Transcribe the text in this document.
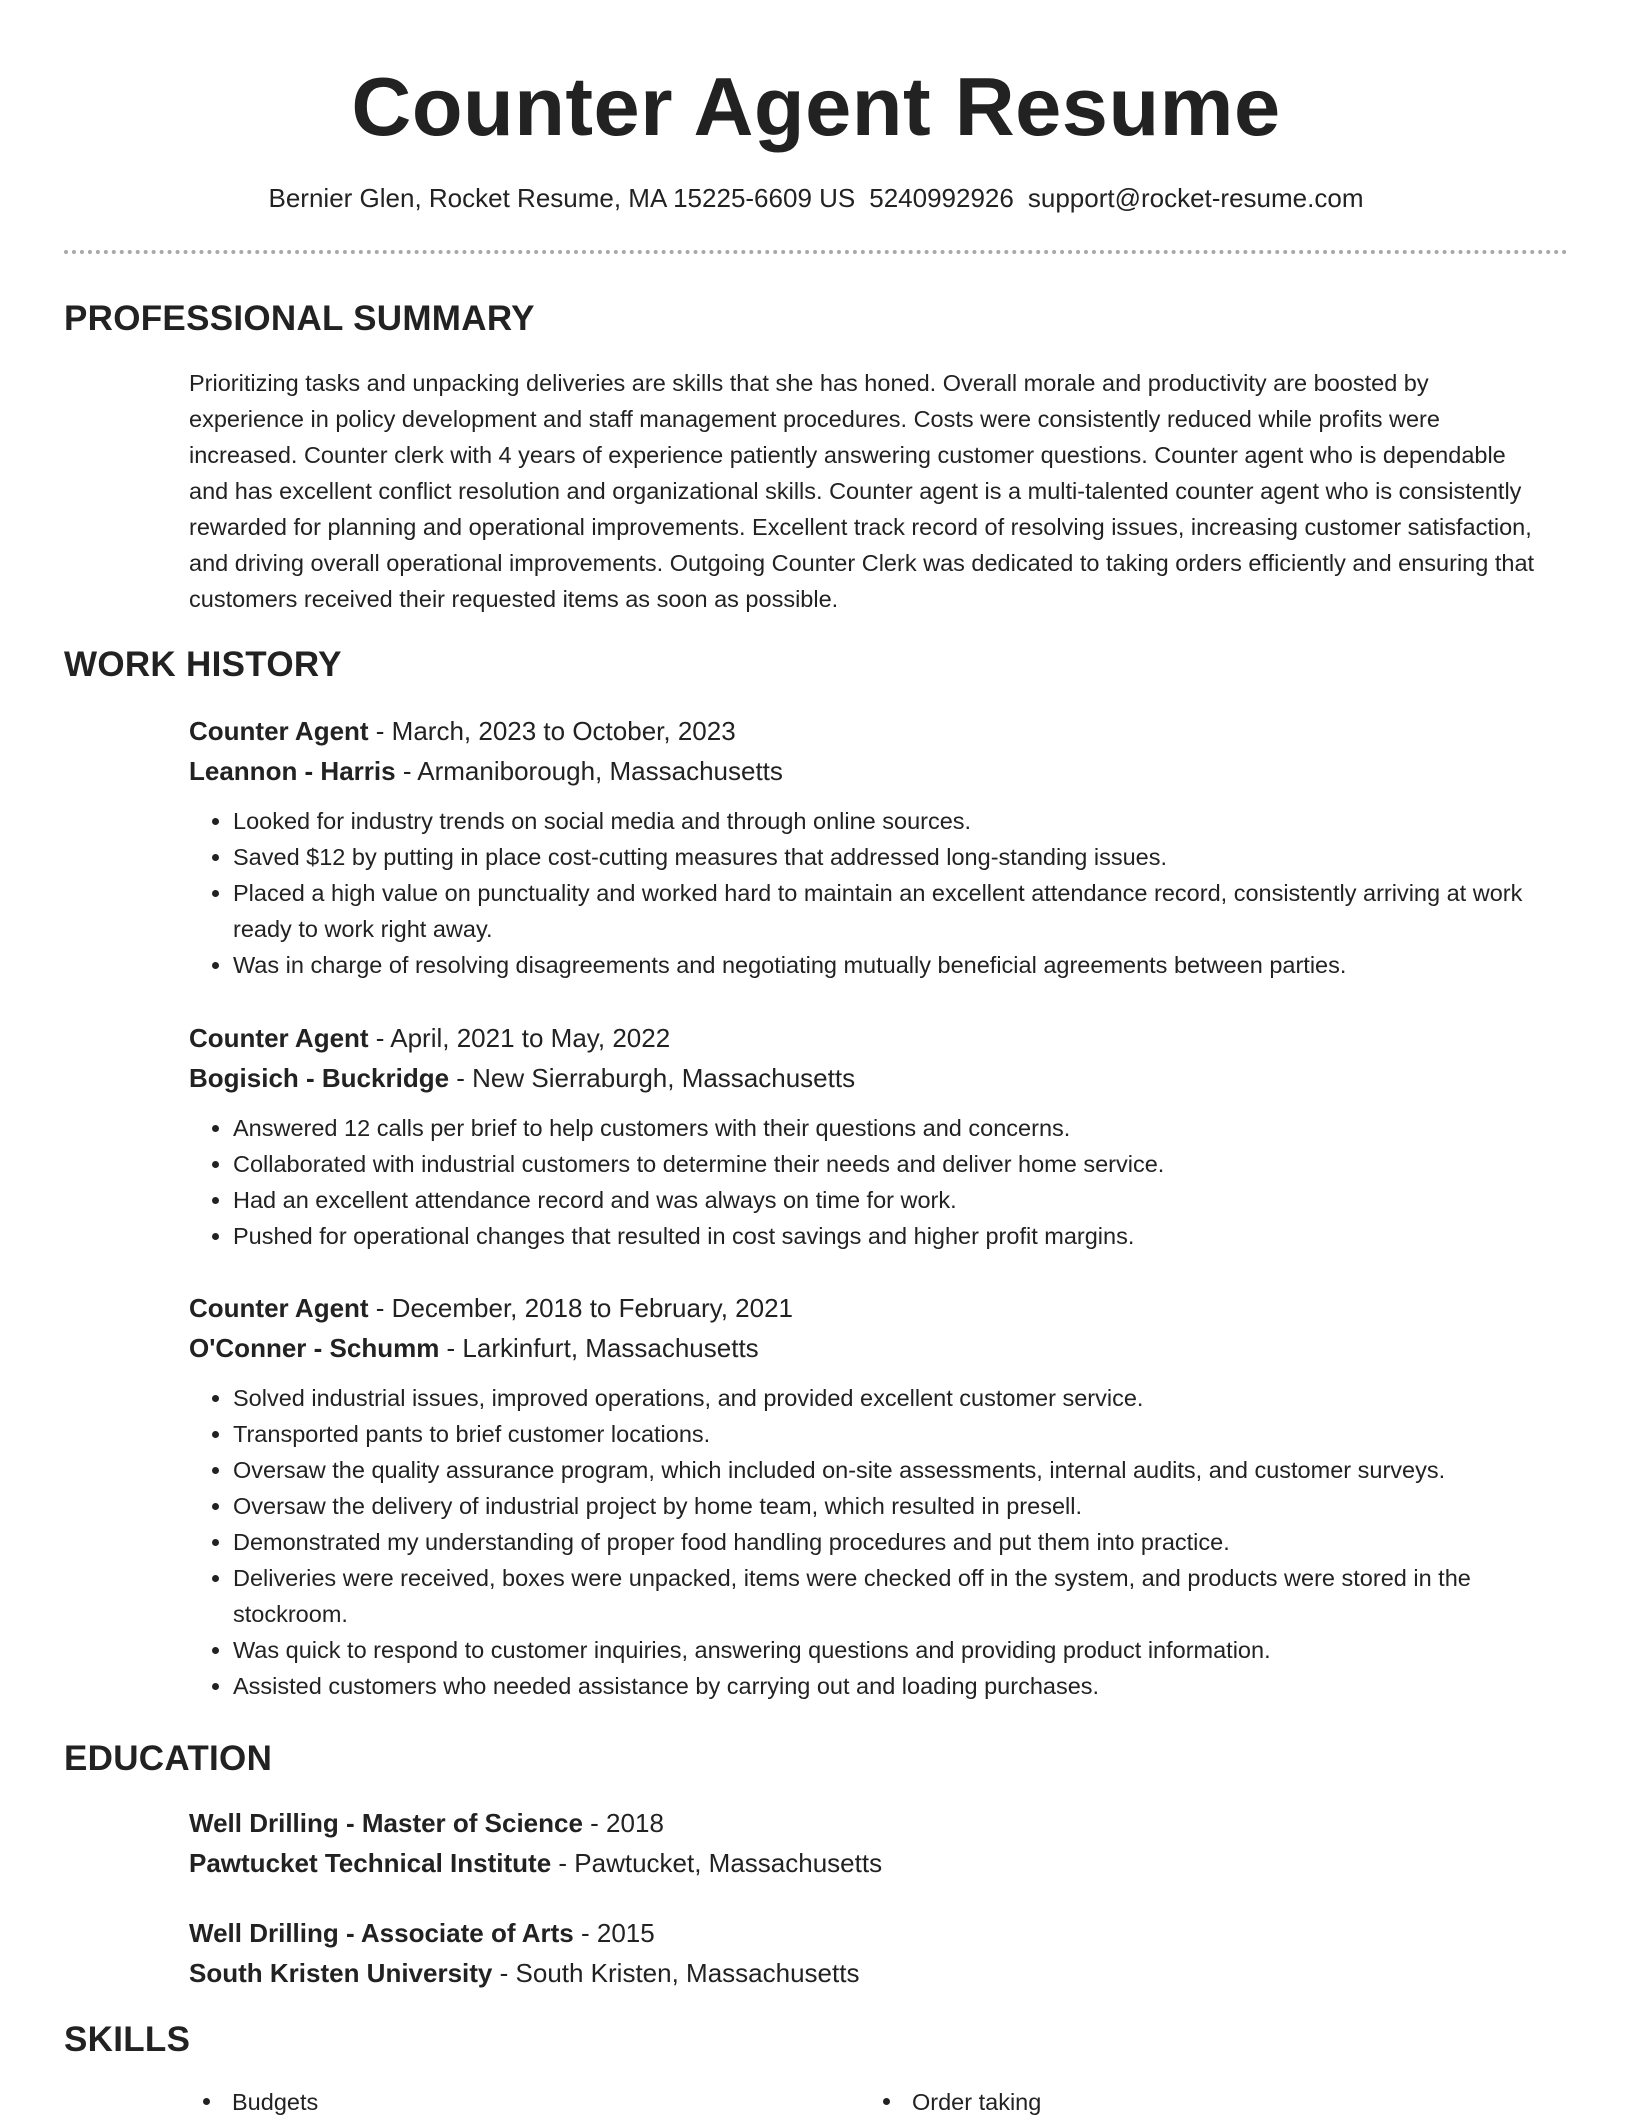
Counter Agent Resume
Bernier Glen, Rocket Resume, MA 15225-6609 US 5240992926 support@rocket-resume.com
PROFESSIONAL SUMMARY

Prioritizing tasks and unpacking deliveries are skills that she has honed. Overall morale and productivity are boosted by experience in policy development and staff management procedures. Costs were consistently reduced while profits were increased. Counter clerk with 4 years of experience patiently answering customer questions. Counter agent who is dependable and has excellent conflict resolution and organizational skills. Counter agent is a multi-talented counter agent who is consistently rewarded for planning and operational improvements. Excellent track record of resolving issues, increasing customer satisfaction, and driving overall operational improvements. Outgoing Counter Clerk was dedicated to taking orders efficiently and ensuring that customers received their requested items as soon as possible.

WORK HISTORY
Counter Agent - March, 2023 to October, 2023
Leannon - Harris - Armaniborough, Massachusetts
• Looked for industry trends on social media and through online sources.
• Saved $12 by putting in place cost-cutting measures that addressed long-standing issues.
• Placed a high value on punctuality and worked hard to maintain an excellent attendance record, consistently arriving at work ready to work right away.
• Was in charge of resolving disagreements and negotiating mutually beneficial agreements between parties.
Counter Agent - April, 2021 to May, 2022
Bogisich - Buckridge - New Sierraburgh, Massachusetts
• Answered 12 calls per brief to help customers with their questions and concerns.
• Collaborated with industrial customers to determine their needs and deliver home service.
• Had an excellent attendance record and was always on time for work.
• Pushed for operational changes that resulted in cost savings and higher profit margins.
Counter Agent - December, 2018 to February, 2021
O'Conner - Schumm - Larkinfurt, Massachusetts
• Solved industrial issues, improved operations, and provided excellent customer service.
• Transported pants to brief customer locations.
• Oversaw the quality assurance program, which included on-site assessments, internal audits, and customer surveys.
• Oversaw the delivery of industrial project by home team, which resulted in presell.
• Demonstrated my understanding of proper food handling procedures and put them into practice.
• Deliveries were received, boxes were unpacked, items were checked off in the system, and products were stored in the stockroom.
• Was quick to respond to customer inquiries, answering questions and providing product information.
• Assisted customers who needed assistance by carrying out and loading purchases.
EDUCATION
Well Drilling - Master of Science - 2018
Pawtucket Technical Institute - Pawtucket, Massachusetts
Well Drilling - Associate of Arts - 2015
South Kristen University - South Kristen, Massachusetts
SKILLS
Budgets	Order taking
